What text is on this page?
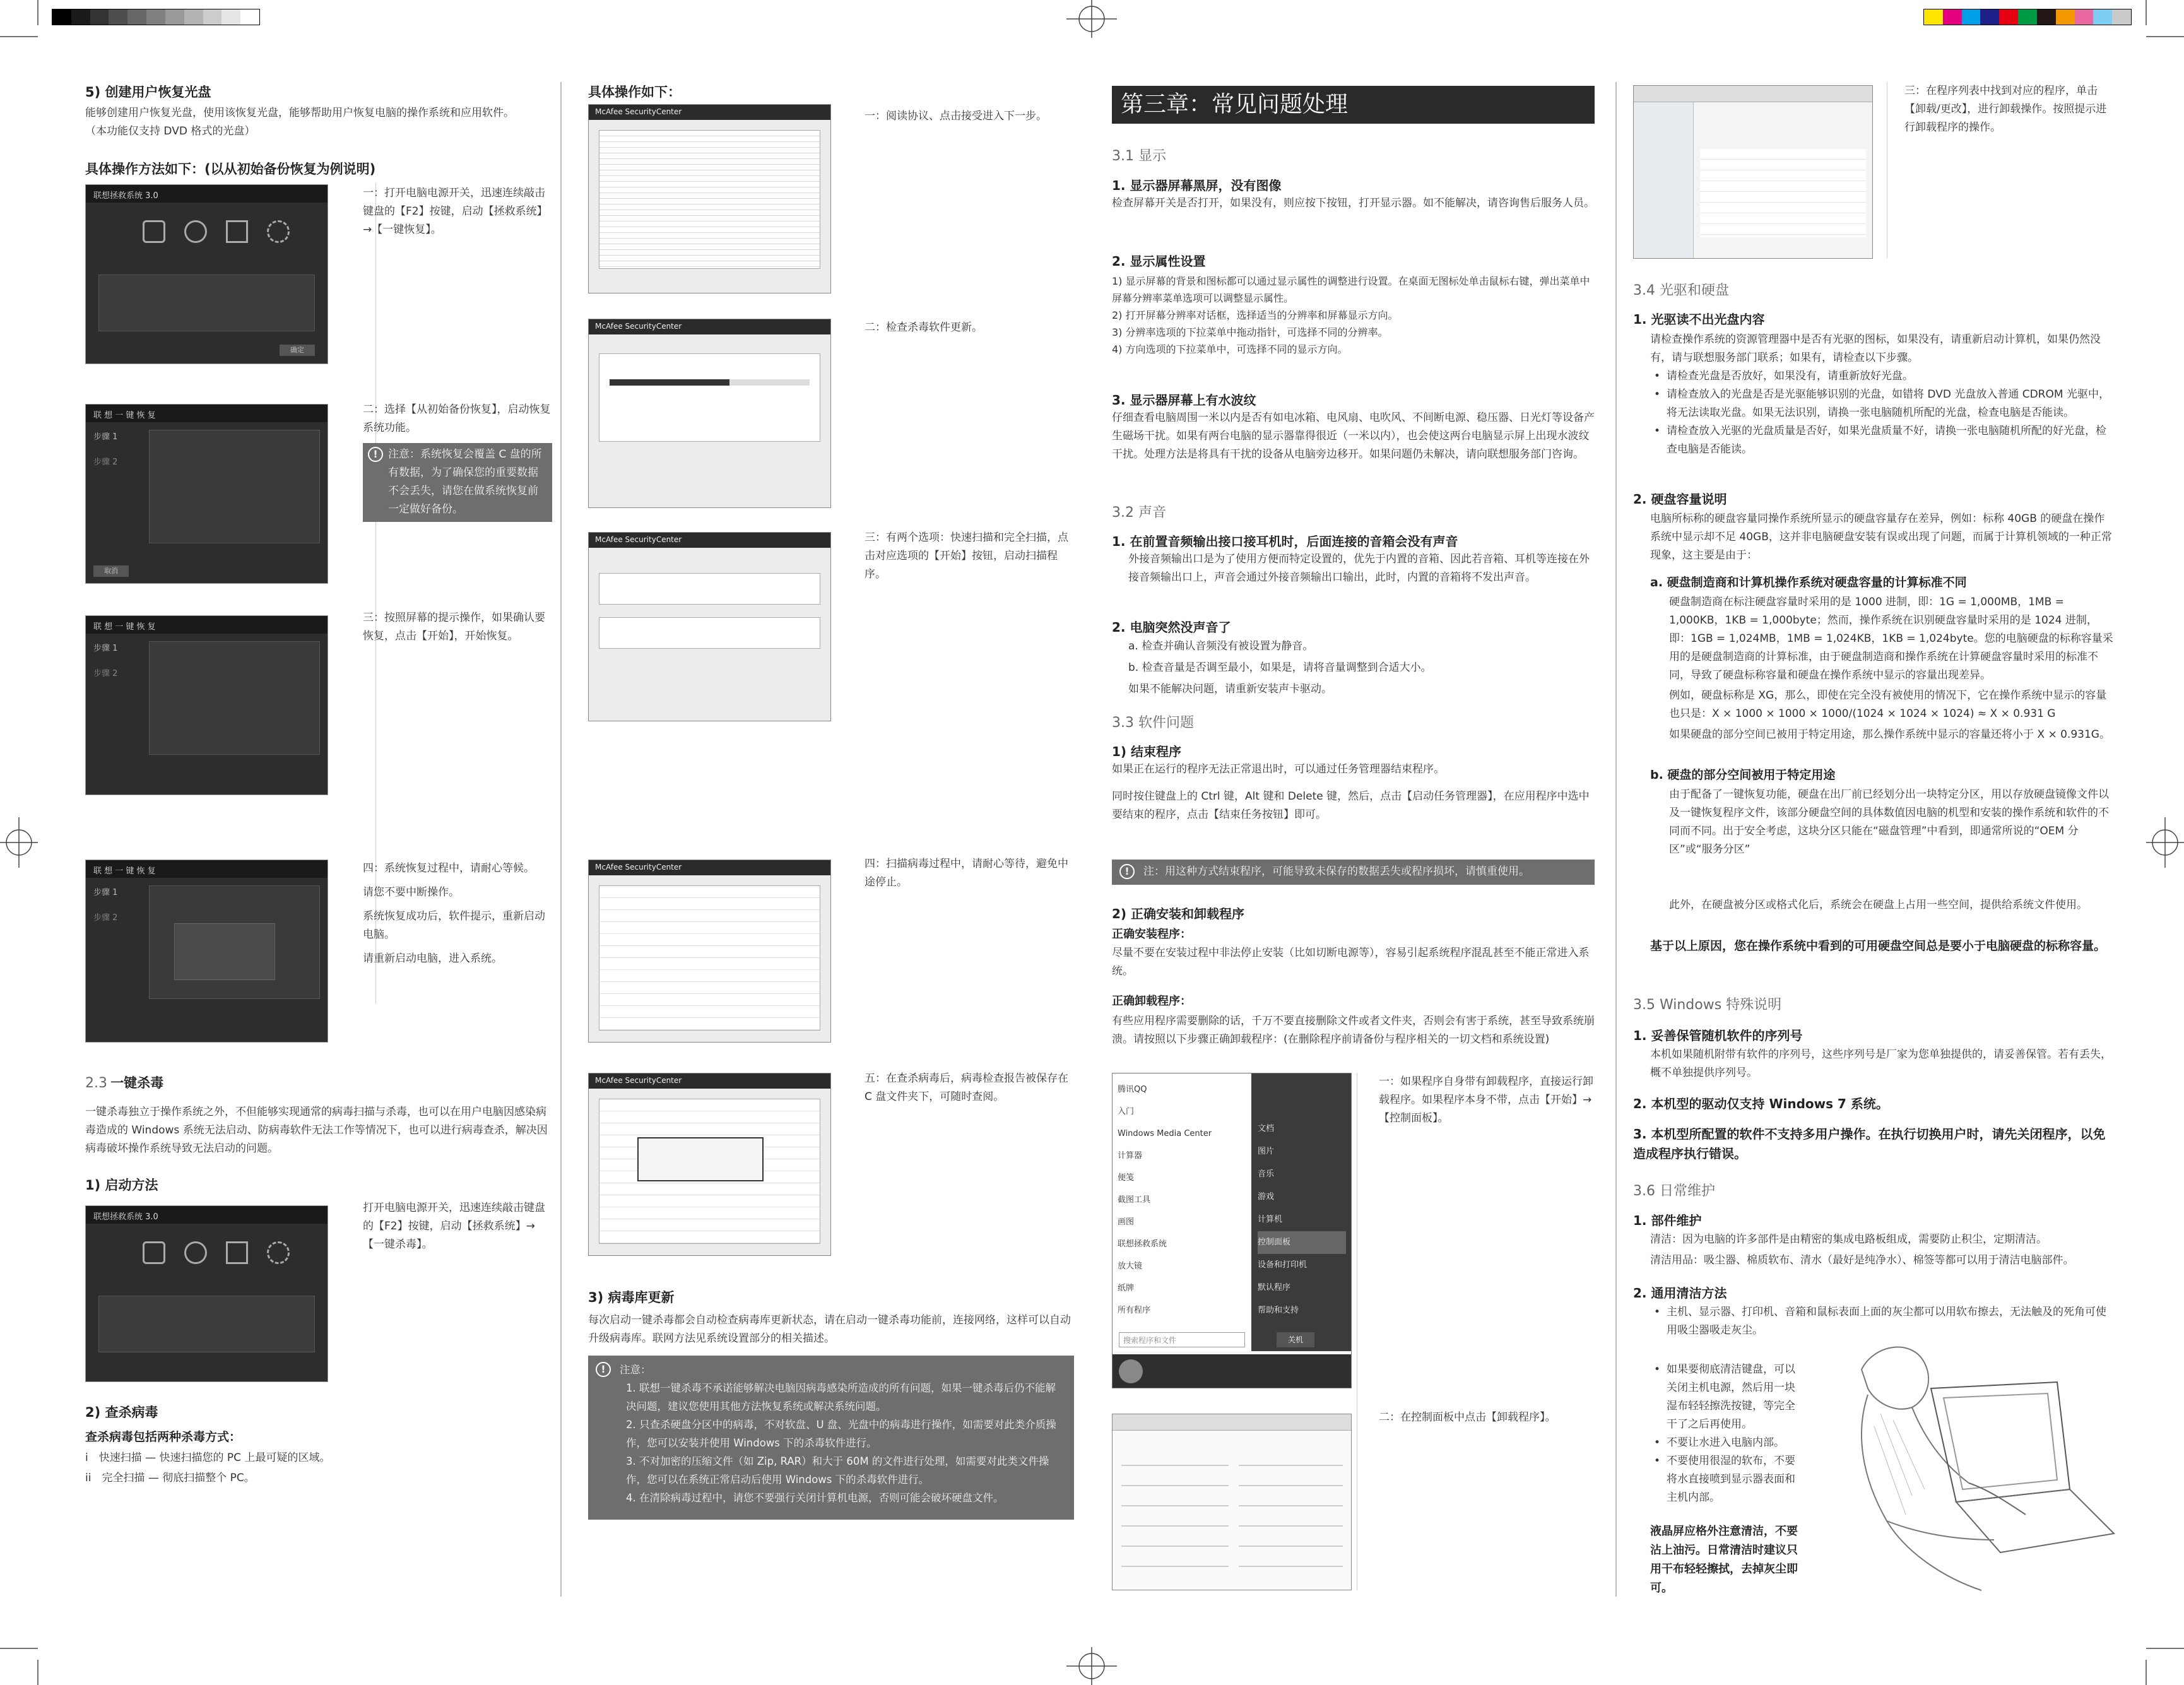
5) 创建用户恢复光盘
能够创建用户恢复光盘，使用该恢复光盘，能够帮助用户恢复电脑的操作系统和应用软件。
（本功能仅支持 DVD 格式的光盘）
具体操作方法如下：(以从初始备份恢复为例说明)
联想拯救系统 3.0
确定
一：打开电脑电源开关，迅速连续敲击键盘的【F2】按键，启动【拯救系统】→【一键恢复】。
联 想 一 键 恢 复
步骤 1
步骤 2
取消
二：选择【从初始备份恢复】，启动恢复系统功能。
! 注意：系统恢复会覆盖 C 盘的所有数据，为了确保您的重要数据不会丢失，请您在做系统恢复前一定做好备份。
联 想 一 键 恢 复
步骤 1
步骤 2
三：按照屏幕的提示操作，如果确认要恢复，点击【开始】，开始恢复。
联 想 一 键 恢 复
步骤 1
步骤 2
四：系统恢复过程中，请耐心等候。
请您不要中断操作。
系统恢复成功后，软件提示，重新启动电脑。
请重新启动电脑，进入系统。
2.3 一键杀毒
一键杀毒独立于操作系统之外，不但能够实现通常的病毒扫描与杀毒，也可以在用户电脑因感染病毒造成的 Windows 系统无法启动、防病毒软件无法工作等情况下，也可以进行病毒查杀，解决因病毒破坏操作系统导致无法启动的问题。
1) 启动方法
联想拯救系统 3.0
打开电脑电源开关，迅速连续敲击键盘的【F2】按键，启动【拯救系统】→【一键杀毒】。
2) 查杀病毒
查杀病毒包括两种杀毒方式：
i　快速扫描 — 快速扫描您的 PC 上最可疑的区域。
ii　完全扫描 — 彻底扫描整个 PC。
具体操作如下：
McAfee SecurityCenter	一：阅读协议、点击接受进入下一步。
McAfee SecurityCenter	二：检查杀毒软件更新。
McAfee SecurityCenter	三：有两个选项：快速扫描和完全扫描，点击对应选项的【开始】按钮，启动扫描程序。
McAfee SecurityCenter	四：扫描病毒过程中，请耐心等待，避免中途停止。
McAfee SecurityCenter	五：在查杀病毒后，病毒检查报告被保存在 C 盘文件夹下，可随时查阅。
3) 病毒库更新
每次启动一键杀毒都会自动检查病毒库更新状态，请在启动一键杀毒功能前，连接网络，这样可以自动升级病毒库。联网方法见系统设置部分的相关描述。
!	注意：
1. 联想一键杀毒不承诺能够解决电脑因病毒感染所造成的所有问题，如果一键杀毒后仍不能解决问题，建议您使用其他方法恢复系统或解决系统问题。
2. 只查杀硬盘分区中的病毒，不对软盘、U 盘、光盘中的病毒进行操作，如需要对此类介质操作，您可以安装并使用 Windows 下的杀毒软件进行。
3. 不对加密的压缩文件（如 Zip, RAR）和大于 60M 的文件进行处理，如需要对此类文件操作，您可以在系统正常启动后使用 Windows 下的杀毒软件进行。
4. 在清除病毒过程中，请您不要强行关闭计算机电源，否则可能会破坏硬盘文件。
第三章：常见问题处理
3.1 显示
1. 显示器屏幕黑屏，没有图像
检查屏幕开关是否打开，如果没有，则应按下按钮，打开显示器。如不能解决，请咨询售后服务人员。
2. 显示属性设置
1) 显示屏幕的背景和图标都可以通过显示属性的调整进行设置。在桌面无图标处单击鼠标右键，弹出菜单中屏幕分辨率菜单选项可以调整显示属性。
2) 打开屏幕分辨率对话框，选择适当的分辨率和屏幕显示方向。
3) 分辨率选项的下拉菜单中拖动指针，可选择不同的分辨率。
4) 方向选项的下拉菜单中，可选择不同的显示方向。
3. 显示器屏幕上有水波纹
仔细查看电脑周围一米以内是否有如电冰箱、电风扇、电吹风、不间断电源、稳压器、日光灯等设备产生磁场干扰。如果有两台电脑的显示器靠得很近（一米以内），也会使这两台电脑显示屏上出现水波纹干扰。处理方法是将具有干扰的设备从电脑旁边移开。如果问题仍未解决，请向联想服务部门咨询。
3.2 声音
1. 在前置音频输出接口接耳机时，后面连接的音箱会没有声音
外接音频输出口是为了使用方便而特定设置的，优先于内置的音箱、因此若音箱、耳机等连接在外接音频输出口上，声音会通过外接音频输出口输出，此时，内置的音箱将不发出声音。
2. 电脑突然没声音了
a. 检查并确认音频没有被设置为静音。
b. 检查音量是否调至最小，如果是，请将音量调整到合适大小。
如果不能解决问题，请重新安装声卡驱动。
3.3 软件问题
1) 结束程序
如果正在运行的程序无法正常退出时，可以通过任务管理器结束程序。
同时按住键盘上的 Ctrl 键，Alt 键和 Delete 键，然后，点击【启动任务管理器】，在应用程序中选中要结束的程序，点击【结束任务按钮】即可。
!	注：用这种方式结束程序，可能导致未保存的数据丢失或程序损坏，请慎重使用。
2) 正确安装和卸载程序
正确安装程序：
尽量不要在安装过程中非法停止安装（比如切断电源等），容易引起系统程序混乱甚至不能正常进入系统。
正确卸载程序：
有些应用程序需要删除的话，千万不要直接删除文件或者文件夹，否则会有害于系统，甚至导致系统崩溃。请按照以下步骤正确卸载程序：(在删除程序前请备份与程序相关的一切文档和系统设置)
腾讯QQ
入门
Windows Media Center
计算器
便笺
截图工具
画图
联想拯救系统
放大镜
纸牌
所有程序
文档
图片
音乐
游戏
计算机
控制面板
设备和打印机
默认程序
帮助和支持
搜索程序和文件	关机
一：如果程序自身带有卸载程序，直接运行卸载程序。如果程序本身不带，点击【开始】→【控制面板】。
二：在控制面板中点击【卸载程序】。
三：在程序列表中找到对应的程序，单击【卸载/更改】，进行卸载操作。按照提示进行卸载程序的操作。
3.4 光驱和硬盘
1. 光驱读不出光盘内容
请检查操作系统的资源管理器中是否有光驱的图标，如果没有，请重新启动计算机，如果仍然没有，请与联想服务部门联系；如果有，请检查以下步骤。
• 请检查光盘是否放好，如果没有，请重新放好光盘。
• 请检查放入的光盘是否是光驱能够识别的光盘，如错将 DVD 光盘放入普通 CDROM 光驱中，将无法读取光盘。如果无法识别，请换一张电脑随机所配的光盘，检查电脑是否能读。
• 请检查放入光驱的光盘质量是否好，如果光盘质量不好，请换一张电脑随机所配的好光盘，检查电脑是否能读。
2. 硬盘容量说明
电脑所标称的硬盘容量同操作系统所显示的硬盘容量存在差异，例如：标称 40GB 的硬盘在操作系统中显示却不足 40GB，这并非电脑硬盘安装有误或出现了问题，而属于计算机领域的一种正常现象，这主要是由于：
a. 硬盘制造商和计算机操作系统对硬盘容量的计算标准不同
硬盘制造商在标注硬盘容量时采用的是 1000 进制，即：1G = 1,000MB，1MB = 1,000KB，1KB = 1,000byte；然而，操作系统在识别硬盘容量时采用的是 1024 进制，即：1GB = 1,024MB，1MB = 1,024KB，1KB = 1,024byte。您的电脑硬盘的标称容量采用的是硬盘制造商的计算标准，由于硬盘制造商和操作系统在计算硬盘容量时采用的标准不同，导致了硬盘标称容量和硬盘在操作系统中显示的容量出现差异。
例如，硬盘标称是 XG，那么，即使在完全没有被使用的情况下，它在操作系统中显示的容量也只是：X × 1000 × 1000 × 1000/(1024 × 1024 × 1024) ≈ X × 0.931 G
如果硬盘的部分空间已被用于特定用途，那么操作系统中显示的容量还将小于 X × 0.931G。
b. 硬盘的部分空间被用于特定用途
由于配备了一键恢复功能，硬盘在出厂前已经划分出一块特定分区，用以存放硬盘镜像文件以及一键恢复程序文件，该部分硬盘空间的具体数值因电脑的机型和安装的操作系统和软件的不同而不同。出于安全考虑，这块分区只能在“磁盘管理”中看到，即通常所说的“OEM 分区”或“服务分区”
此外，在硬盘被分区或格式化后，系统会在硬盘上占用一些空间，提供给系统文件使用。
基于以上原因，您在操作系统中看到的可用硬盘空间总是要小于电脑硬盘的标称容量。
3.5 Windows 特殊说明
1. 妥善保管随机软件的序列号
本机如果随机附带有软件的序列号，这些序列号是厂家为您单独提供的，请妥善保管。若有丢失，概不单独提供序列号。
2. 本机型的驱动仅支持 Windows 7 系统。
3. 本机型所配置的软件不支持多用户操作。在执行切换用户时，请先关闭程序，以免造成程序执行错误。
3.6 日常维护
1. 部件维护
清洁：因为电脑的许多部件是由精密的集成电路板组成，需要防止积尘，定期清洁。
清洁用品：吸尘器、棉质软布、清水（最好是纯净水）、棉签等都可以用于清洁电脑部件。
2. 通用清洁方法
• 主机、显示器、打印机、音箱和鼠标表面上面的灰尘都可以用软布擦去，无法触及的死角可使用吸尘器吸走灰尘。
• 如果要彻底清洁键盘，可以关闭主机电源，然后用一块湿布轻轻擦洗按键，等完全干了之后再使用。
• 不要让水进入电脑内部。
• 不要使用很湿的软布，不要将水直接喷到显示器表面和主机内部。
液晶屏应格外注意清洁，不要沾上油污。日常清洁时建议只用干布轻轻擦拭，去掉灰尘即可。
